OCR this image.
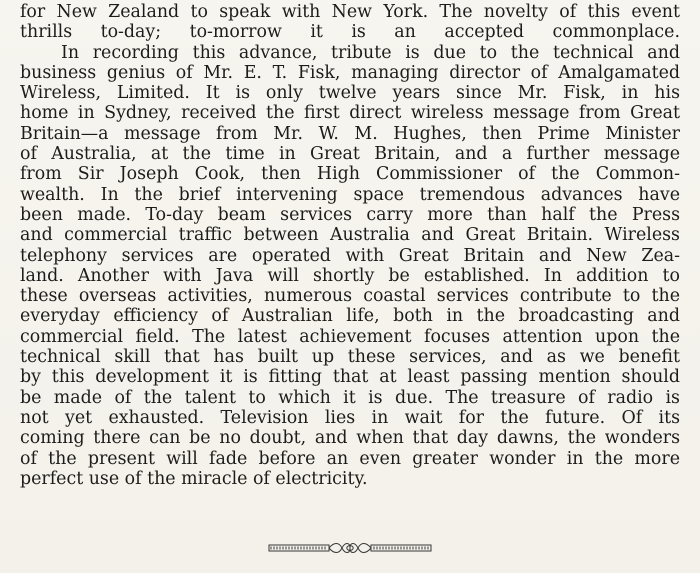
for New Zealand to speak with New York. The novelty of this event
thrills to-day; to-morrow it is an accepted commonplace.
In recording this advance, tribute is due to the technical and
business genius of Mr. E. T. Fisk, managing director of Amalgamated
Wireless, Limited. It is only twelve years since Mr. Fisk, in his
home in Sydney, received the first direct wireless message from Great
Britain—a message from Mr. W. M. Hughes, then Prime Minister
of Australia, at the time in Great Britain, and a further message
from Sir Joseph Cook, then High Commissioner of the Common-
wealth. In the brief intervening space tremendous advances have
been made. To-day beam services carry more than half the Press
and commercial traffic between Australia and Great Britain. Wireless
telephony services are operated with Great Britain and New Zea-
land. Another with Java will shortly be established. In addition to
these overseas activities, numerous coastal services contribute to the
everyday efficiency of Australian life, both in the broadcasting and
commercial field. The latest achievement focuses attention upon the
technical skill that has built up these services, and as we benefit
by this development it is fitting that at least passing mention should
be made of the talent to which it is due. The treasure of radio is
not yet exhausted. Television lies in wait for the future. Of its
coming there can be no doubt, and when that day dawns, the wonders
of the present will fade before an even greater wonder in the more
perfect use of the miracle of electricity.
